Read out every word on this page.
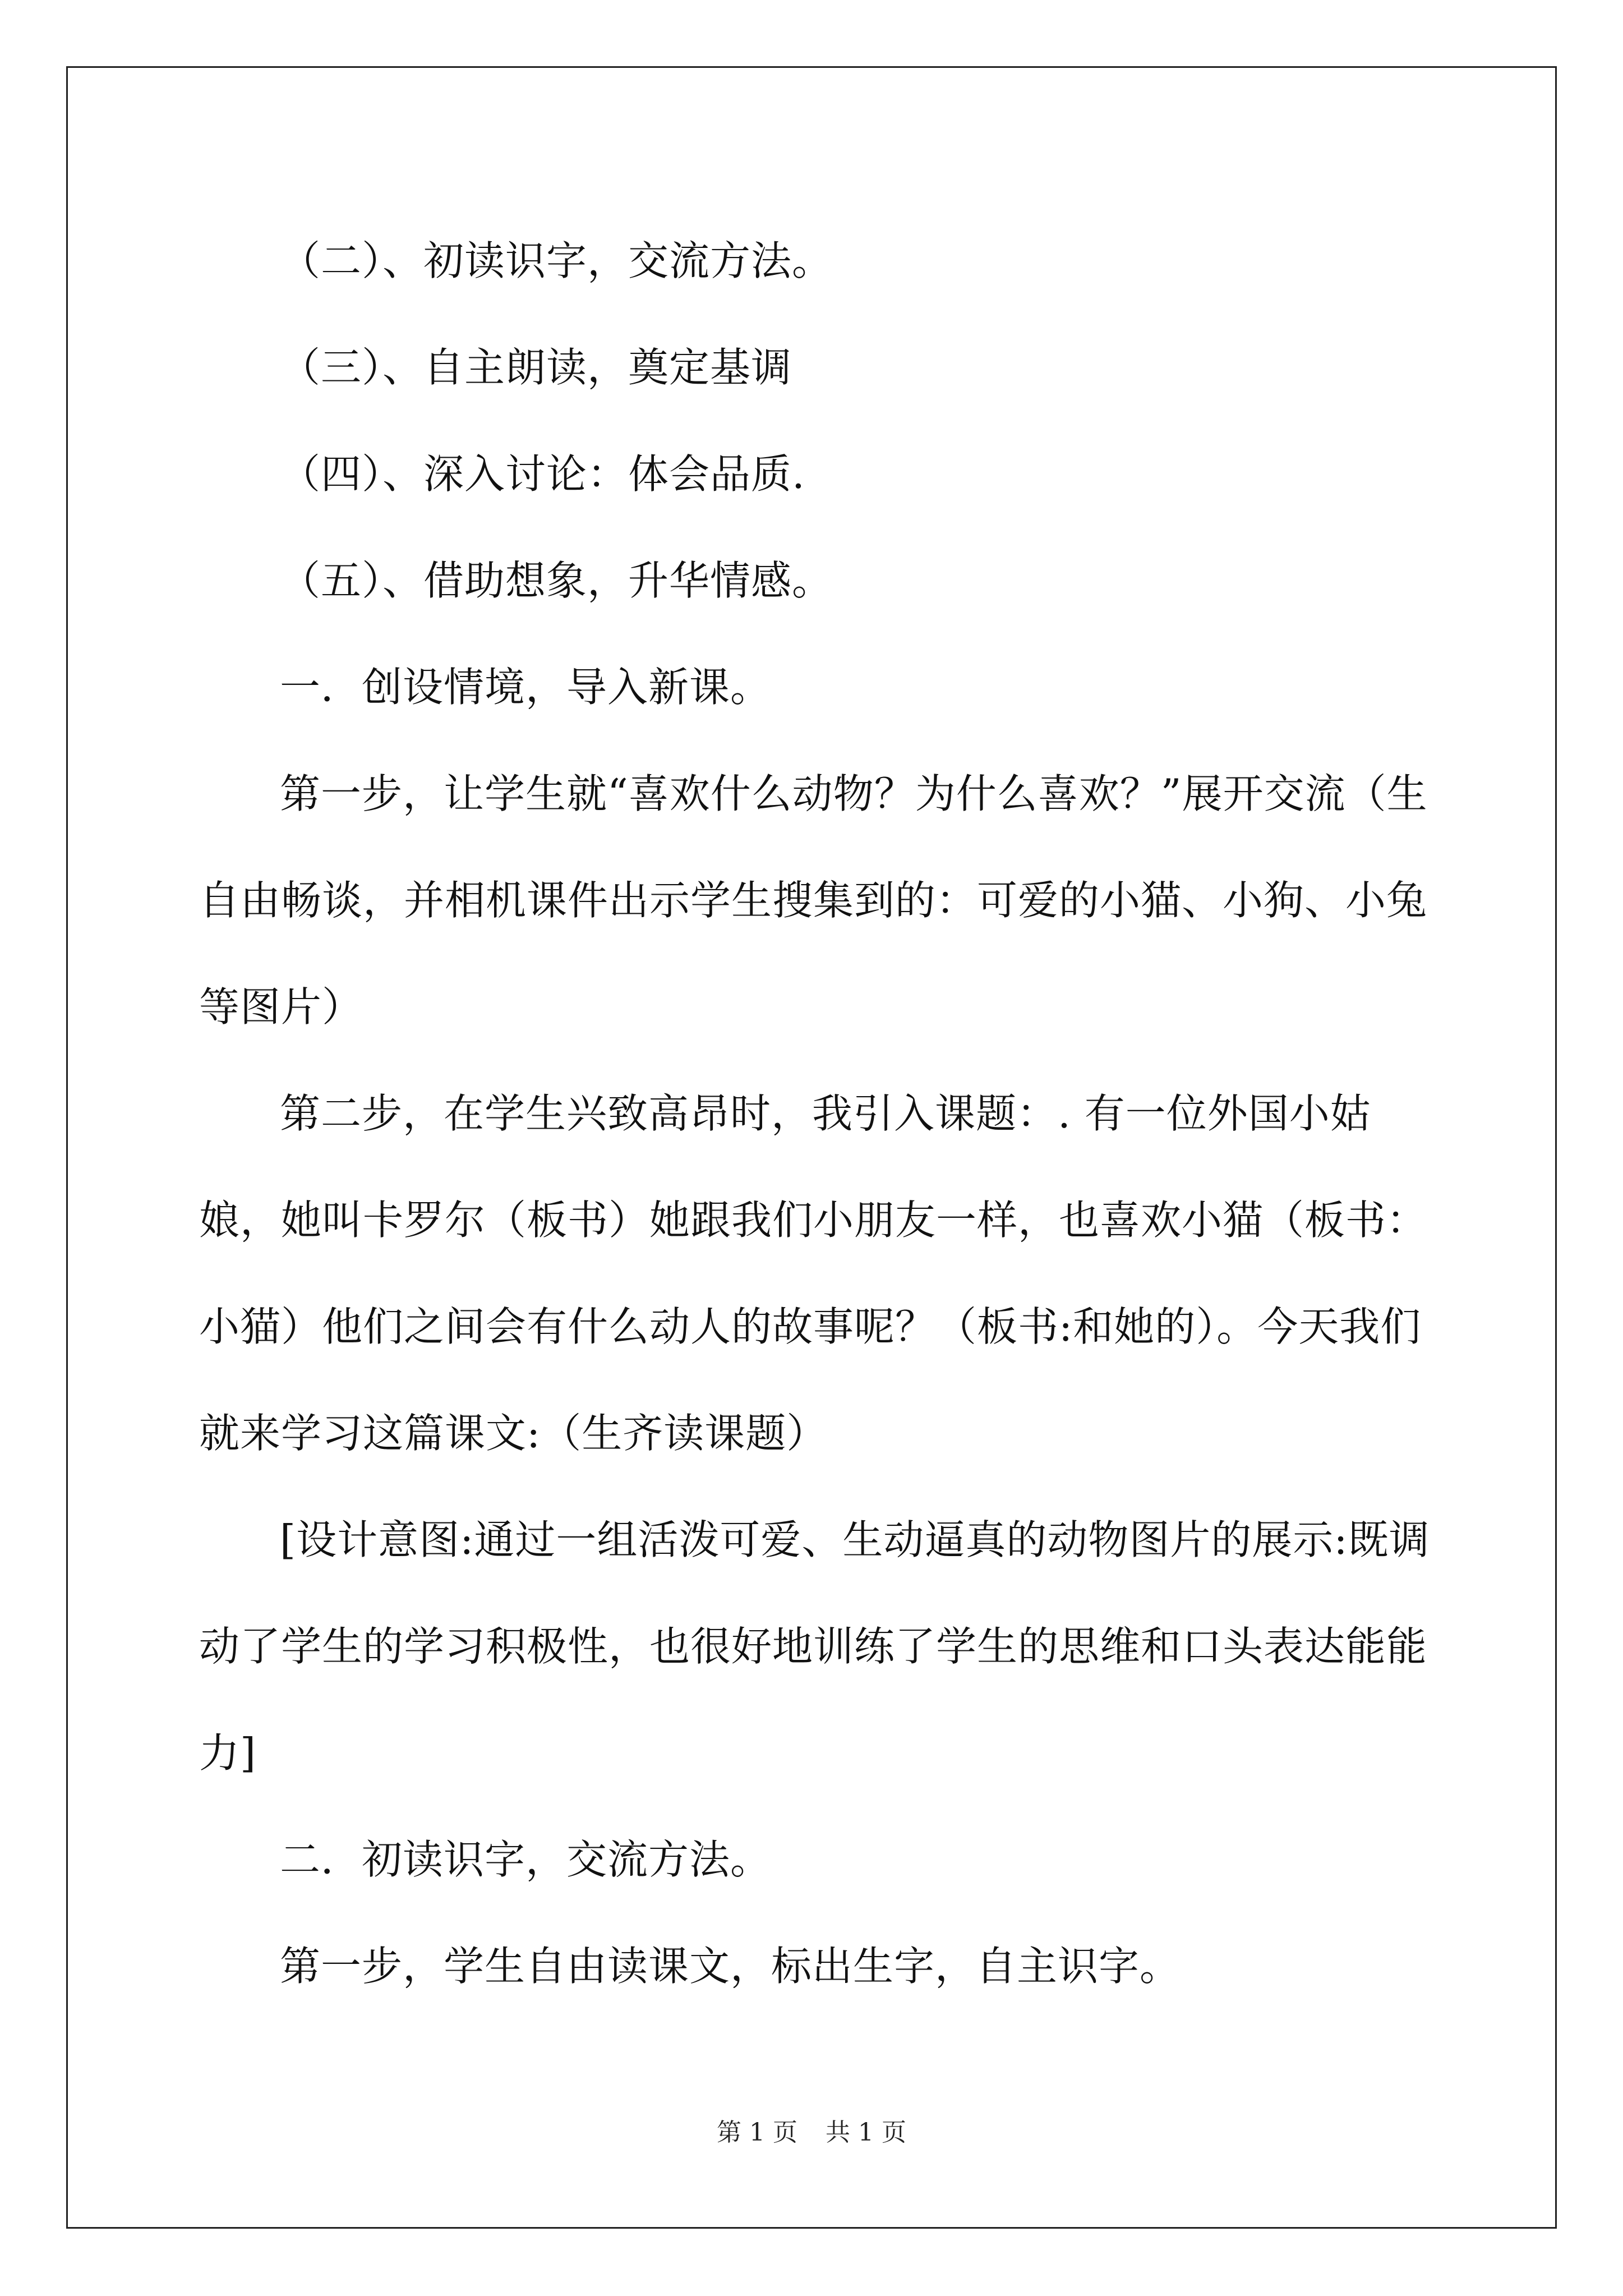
（二）、初读识字，交流方法。

（三）、自主朗读，奠定基调

（四）、深入讨论：体会品质.

（五）、借助想象，升华情感。

一．创设情境，导入新课。

第一步，让学生就“喜欢什么动物？为什么喜欢？”展开交流（生自由畅谈，并相机课件出示学生搜集到的：可爱的小猫、小狗、小兔等图片）

第二步，在学生兴致高昂时，我引入课题：. 有一位外国小姑娘，她叫卡罗尔（板书）她跟我们小朋友一样，也喜欢小猫（板书：小猫）他们之间会有什么动人的故事呢？（板书:和她的）。今天我们就来学习这篇课文:（生齐读课题）

[设计意图:通过一组活泼可爱、生动逼真的动物图片的展示:既调动了学生的学习积极性，也很好地训练了学生的思维和口头表达能能力]

二．初读识字，交流方法。

第一步，学生自由读课文，标出生字，自主识字。

第 1 页 共 1 页
